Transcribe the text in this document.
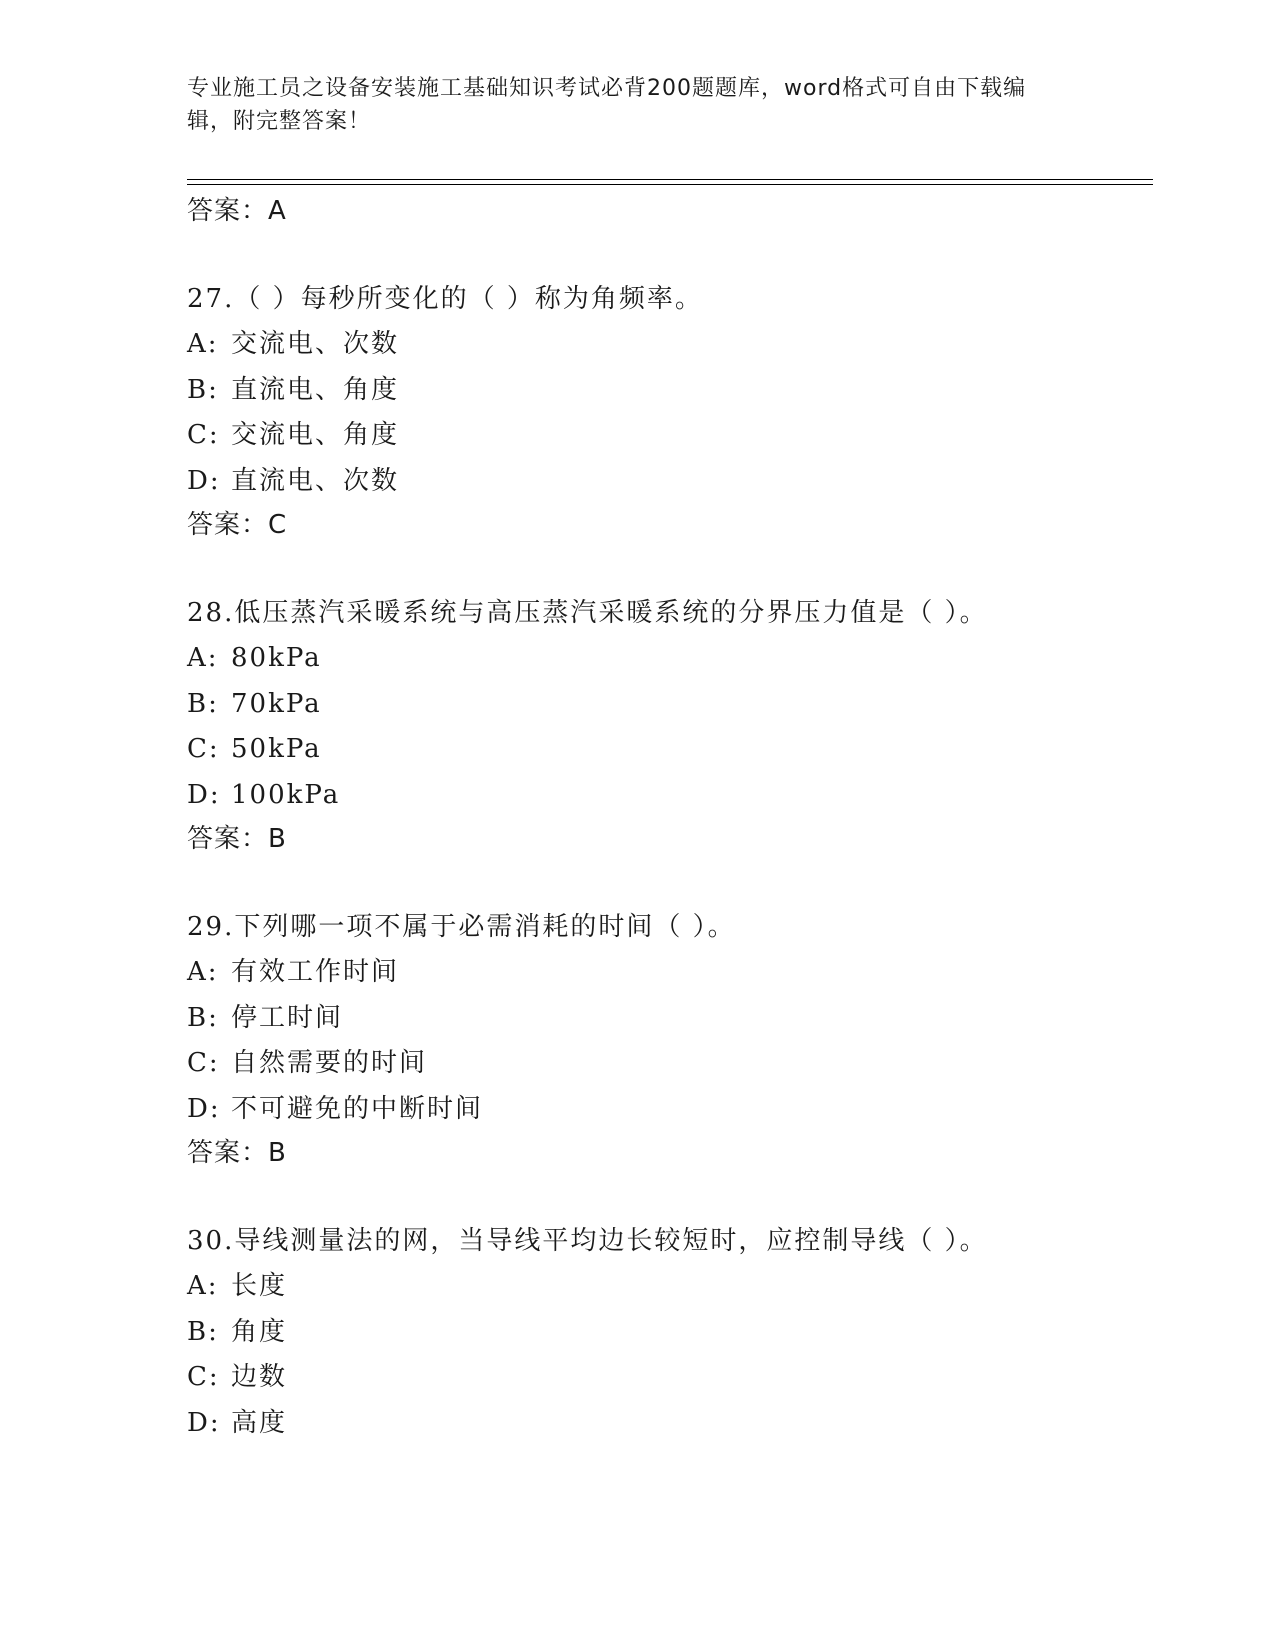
专业施工员之设备安装施工基础知识考试必背200题题库，word格式可自由下载编辑，附完整答案！

答案：A

27.（ ）每秒所变化的（ ）称为角频率。

A: 交流电、次数

B: 直流电、角度

C: 交流电、角度

D: 直流电、次数

答案：C

28.低压蒸汽采暖系统与高压蒸汽采暖系统的分界压力值是（ ）。

A: 80kPa

B: 70kPa

C: 50kPa

D: 100kPa

答案：B

29.下列哪一项不属于必需消耗的时间（ ）。

A: 有效工作时间

B: 停工时间

C: 自然需要的时间

D: 不可避免的中断时间

答案：B

30.导线测量法的网，当导线平均边长较短时，应控制导线（ ）。

A: 长度

B: 角度

C: 边数

D: 高度
